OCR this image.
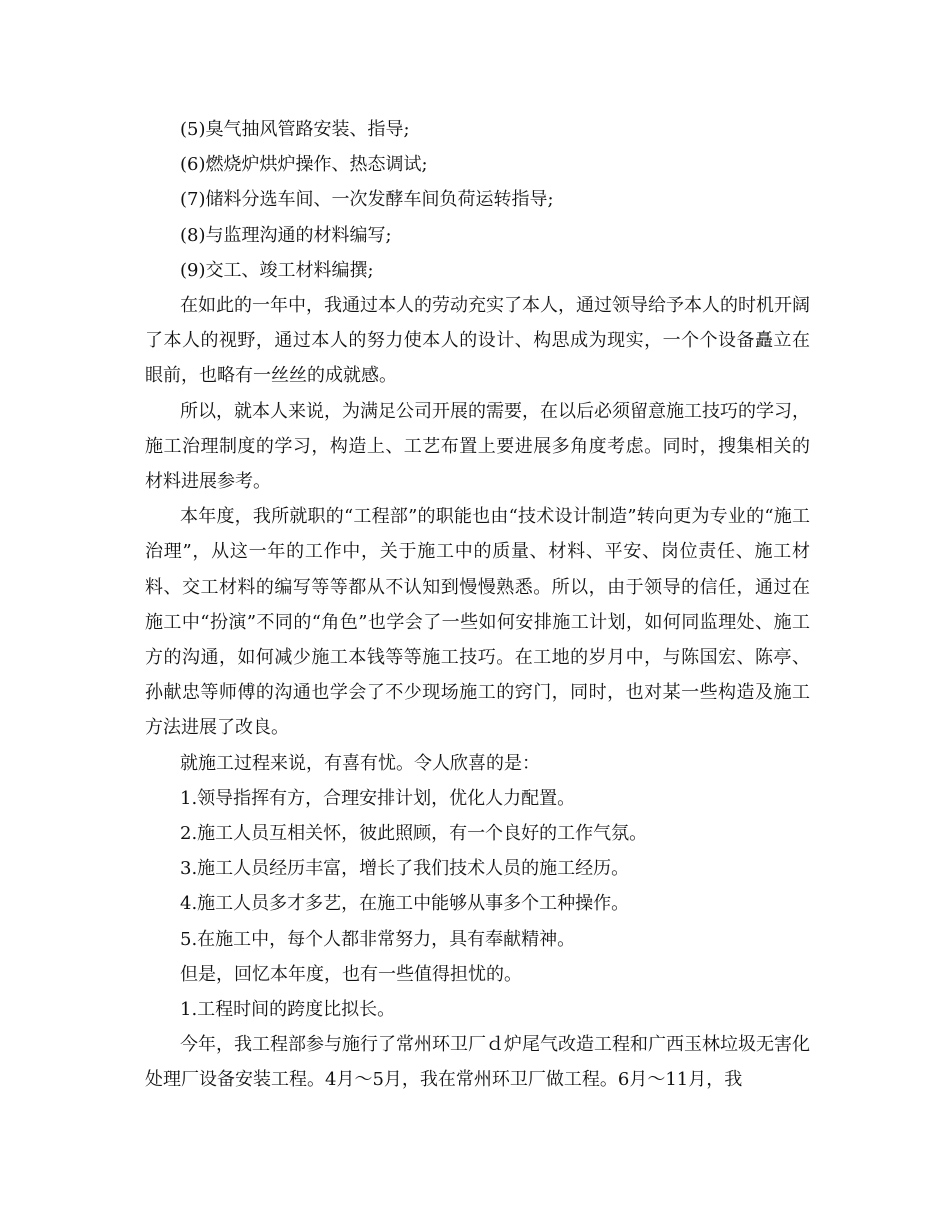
(5)臭气抽风管路安装、指导;

(6)燃烧炉烘炉操作、热态调试;

(7)储料分选车间、一次发酵车间负荷运转指导;

(8)与监理沟通的材料编写;

(9)交工、竣工材料编撰;

在如此的一年中，我通过本人的劳动充实了本人，通过领导给予本人的时机开阔了本人的视野，通过本人的努力使本人的设计、构思成为现实，一个个设备矗立在眼前，也略有一丝丝的成就感。

所以，就本人来说，为满足公司开展的需要，在以后必须留意施工技巧的学习，施工治理制度的学习，构造上、工艺布置上要进展多角度考虑。同时，搜集相关的材料进展参考。

本年度，我所就职的“工程部”的职能也由“技术设计制造”转向更为专业的“施工治理”，从这一年的工作中，关于施工中的质量、材料、平安、岗位责任、施工材料、交工材料的编写等等都从不认知到慢慢熟悉。所以，由于领导的信任，通过在施工中“扮演”不同的“角色”也学会了一些如何安排施工计划，如何同监理处、施工方的沟通，如何减少施工本钱等等施工技巧。在工地的岁月中，与陈国宏、陈亭、孙献忠等师傅的沟通也学会了不少现场施工的窍门，同时，也对某一些构造及施工方法进展了改良。

就施工过程来说，有喜有忧。令人欣喜的是：

1.领导指挥有方，合理安排计划，优化人力配置。

2.施工人员互相关怀，彼此照顾，有一个良好的工作气氛。

3.施工人员经历丰富，增长了我们技术人员的施工经历。

4.施工人员多才多艺，在施工中能够从事多个工种操作。

5.在施工中，每个人都非常努力，具有奉献精神。

但是，回忆本年度，也有一些值得担忧的。

1.工程时间的跨度比拟长。

今年，我工程部参与施行了常州环卫厂ｄ炉尾气改造工程和广西玉林垃圾无害化处理厂设备安装工程。4月～5月，我在常州环卫厂做工程。6月～11月，我
